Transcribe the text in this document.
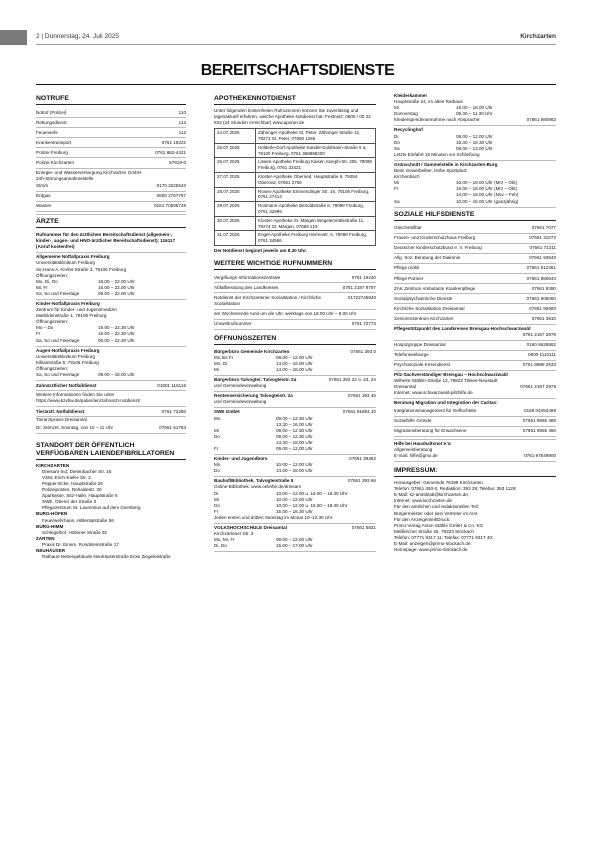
2 | Donnerstag, 24. Juli 2025	Kirchzarten
BEREITSCHAFTSDIENSTE
NOTRUFE
Notruf (Polizei)	110
Rettungsdienst	112
Feuerwehr	112
Krankentransport	0761 19222
Polizei Freiburg	0761 882-4421
Polizei Kirchzarten	97919-0
Energie- und Wasserversorgung Kirchzarten GmbH
24h-Störungsannahmestelle
Strom	0170 3225543
Erdgas	0800 2767767
Wasser	0151 70595748
ÄRZTE
Rufnummer für den ärztlichen Bereitschaftsdienst (allgemein-, kinder-, augen- und HNO-ärztlicher Bereitschaftsdienst): 116117 (Anruf kostenfrei)
Allgemeine Notfallpraxis Freiburg
Universitätsklinikum Freiburg
Sir-Hans-A.-Krebs-Straße 3, 79106 Freiburg
Öffnungszeiten:
Mo, Di, Do	18.00 – 22.00 Uhr
Mi, Fr	16.00 – 22.00 Uhr
Sa, So und Feiertage	09.00 – 22.00 Uhr
Kinder-Notfallpraxis Freiburg
Zentrum für Kinder- und Jugendmedizin
Mathildenstraße 1, 79106 Freiburg
Öffnungszeiten:
Mo – Do	19.00 – 22.30 Uhr
Fr	16.00 – 22.30 Uhr
Sa, So und Feiertage	08.00 – 22.30 Uhr
Augen-Notfallpraxis Freiburg
Universitätsklinikum Freiburg
Killianstraße 5, 79106 Freiburg
Öffnungszeiten:
Sa, So und Feiertage	09.00 – 18.00 Uhr
Zahnärztlicher Notfalldienst	01801 116116
Weitere Informationen finden Sie unter https://www.kzvbw.de/patienten/zahnarzt-notdienst/
Tierärztl. Notfalldienst	0761 72266
Tierarztpraxis Dreisamtal
Dr. Stenzel, Sonntag, von 10 – 11 Uhr	07661 61764
STANDORT DER ÖFFENTLICH VERFÜGBAREN LAIENDEFIBRILLATOREN
KIRCHZARTEN
Dreisam-Ind, Dietenbacher Str. 15
VSM, Erich-Kiefer-Str. 2
Pepper-Ecke, Hauptstraße 26
Polizeiposten, Rehaldestr. 30
Sparkasse, Sitz-Halle, Hauptstraße 5
SWE, Oberer der Straße 3
Pflegezentrum St. Laurentius auf dem Giersberg
BURG-HÖFEN
Feuerwehrhaus, Höllentalstraße 56
BURG-HIMM
Schlegelhof, Höllener Straße 92
ZARTEN
Praxis Dr. Einem, Rundsteinstraße 17
NEUHÄUSER
Rathaus-Nebengebäude Neuhäuserstraße Ecke Ziegeleistraße
APOTHEKENNOTDIENST
Unter folgenden kostenfreien Rufnummern können Sie zuverlässig und tagesaktuell erfahren, welche Apotheke Notdienst hat: Festnetz: 0800 / 00 22 833 (24 Stunden erreichbar) www.aponet.de
24.07.2025	Zähringer-Apotheke St. Peter, Zähringer Straße 12, 79271 St. Peter, 07660 1255
25.07.2025	Hölderle-Dorf-Apotheke Kandel-Goldmann-Straße 5 a, 79100 Freiburg, 0761 368898200
26.07.2025	Löwen-Apotheke Freiburg Kaiser-Joseph-Str. 205, 79098 Freiburg, 0761 33421
27.07.2025	Kloster-Apotheke Oberried, Hauptstraße 9, 79254 Oberried, 07661 2766
28.07.2025	Rosen-Apotheke Emmendinger Str. 16, 79106 Freiburg, 0761 27413
29.07.2025	Rosmann-Apotheke Bertoldstraße 8, 79098 Freiburg, 0761 32999
30.07.2025	Kloster-Apotheke St. Märgen Wegelemrittlestraße 11, 79274 St. Märgen, 07669 219
31.07.2025	Engel-Apotheke Freiburg Herrenstr. 5, 79098 Freiburg, 0761 34566
Der Notdienst beginnt jeweils um 8.30 Uhr.
WEITERE WICHTIGE RUFNUMMERN
Vergiftungs-Informationszentrale	0761 19240
Abfallberatung des Landkreises	0761 2187 9797
Notdienst der Kirchzartener Sozialstation / Kirchliche Sozialstation
01722745940
am Wochenende rund um die Uhr, werktags von 18.00 Uhr – 8.00 Uhr
Umweltrufnummer	0761 72773
ÖFFNUNGSZEITEN
Bürgerbüro Gemeinde Kirchzarten	07661 393 0
Mo bis Fr	08.00 – 12.00 Uhr
Mo, Di	14.00 – 16.00 Uhr
Mi	14.00 – 18.00 Uhr
Bürgerbüro Talvogtei: Talvogteistr. 2a	07661 393 22 o. 23, 24
und Gemeindeverwaltung
Rentenversicherung Talvogteistr. 2a	07661 393 45
und Gemeindeverwaltung
SWE GmbH	07661 91891 10
Mo	09.00 – 12.30 Uhr
13.30 – 16.00 Uhr
Mi	09.00 – 12.30 Uhr
Do	09.00 – 12.30 Uhr
13.30 – 18.00 Uhr
Fr	09.00 – 12.00 Uhr
Kinder- und Jugendbüro	07661 39362
Mo	10.00 – 12.00 Uhr
Do	14.00 – 18.00 Uhr
Bauhof/Bibliothek, Talvogteistraße 5	07661 393 66
Online-Bibliothek: www.onleihe.de/dreisam
Di	10.00 – 12.00 u. 15.00 – 18.30 Uhr
Mi	10.00 – 12.00 Uhr
Do	10.00 – 12.00 u. 15.00 – 18.30 Uhr
Fr	15.00 – 18.30 Uhr
Jeden ersten und dritten Samstag im Monat 10–12.30 Uhr
VOLKSHOCHSCHULE Dreisamtal	07661 5821
Kirchzartener Str. 3
Mo, Mi, Fr	09.00 – 12.00 Uhr
Di, Do	15.00 – 17.00 Uhr
Kleiderkammer
Hauptstraße 24, im alten Rathaus
Mi	15.00 – 18.00 Uhr
Donnerstag	09.30 – 11.30 Uhr
Kleiderspendenannahme nach Absprache:	07661 980963
Recyclinghof
Di	09.00 – 12.00 Uhr
Do	15.30 – 18.30 Uhr
Sa	08.00 – 13.00 Uhr
Letzte Einfahrt 15 Minuten vor Schließung
Grünschnitt / Sammelstelle in Kirchzarten-Burg
Beim Gewerbeliter, Höhe Sportplatz
Kirchenbach
Mi	16.00 – 19.00 Uhr (Mrz – Okt)
Fr	15.00 – 18.00 Uhr (Mrz – Okt)
14.00 – 18.00 Uhr (Nov – Feb)
Sa	10.00 – 15.00 Uhr (ganzjährig)
SOZIALE HILFSDIENSTE
Gleichstellbar	07661 7077
Frauen- und Kinderschutzhaus Freiburg	07661 31072
Deutscher Kinderschutzbund e. V. Freiburg	07661 71311
Allg. Soz. Beratung der Diakonie	07661 93840
Pflege mobil	07661 912461
Pflege Partner	07661 980644
ZAK Zentrum Ambulante Krankenpflege	07661 9390
Sozialpsychiatrische Dienste	07661 905060
Kirchliche Sozialstation Dreisamtal	07661 90680
Seniorenzentrum Kirchzarten	07661 3910
Pflegestützpunkt des Landkreises Breisgau-Hochschwarzwald
0761 2187 3979
Hospizgruppe Dreisamtal	0160 6626862
Telefonseelsorge	0800 1110111
Psychosoziale Krisendienst	0761 8888 2533
Pilz-Sachverständiger Breisgau – Hochschwarzwald
Wilhelm-Stählin-Straße 13, 79822 Titisee-Neustadt
Dreisamtal	07661 2187 2979
Internet: www.schwarzwald-pilzhilfe.de
Beratung Migration und Integration der Caritas:
Integrationsmanagement für Geflüchtete	0159 04453469
Sozialhilfe Gründe	07661 8965 489
Migrationsberatung für Erwachsene	07661 8965 456
Hilfe bei Haushaltsnot e.V.
Allgemeinberatung
E-mail: hilfe@gmx.de	0761 97549900
IMPRESSUM:
Herausgeber: Gemeinde 79199 Kirchzarten
Telefon: 07661 393-0, Redaktion: 393 29; Telefax: 393 1129;
E-Mail: kz-amtsblatt@kirchzarten.de;
Internet: www.kirchzarten.de
Für den amtlichen und redaktionellen Teil:
Bürgermeister oder sein Vertreter im Amt
Für den Anzeigenteil/Druck:
Primo-Verlag Anton Stähle GmbH & Co. KG
Meßkircher Straße 45, 78333 Stockach
Telefon: 07771 9317 11; Telefax: 07771 9317 40;
E-Mail: anzeigen@primo-stockach.de;
Homepage: www.primo-stockach.de
